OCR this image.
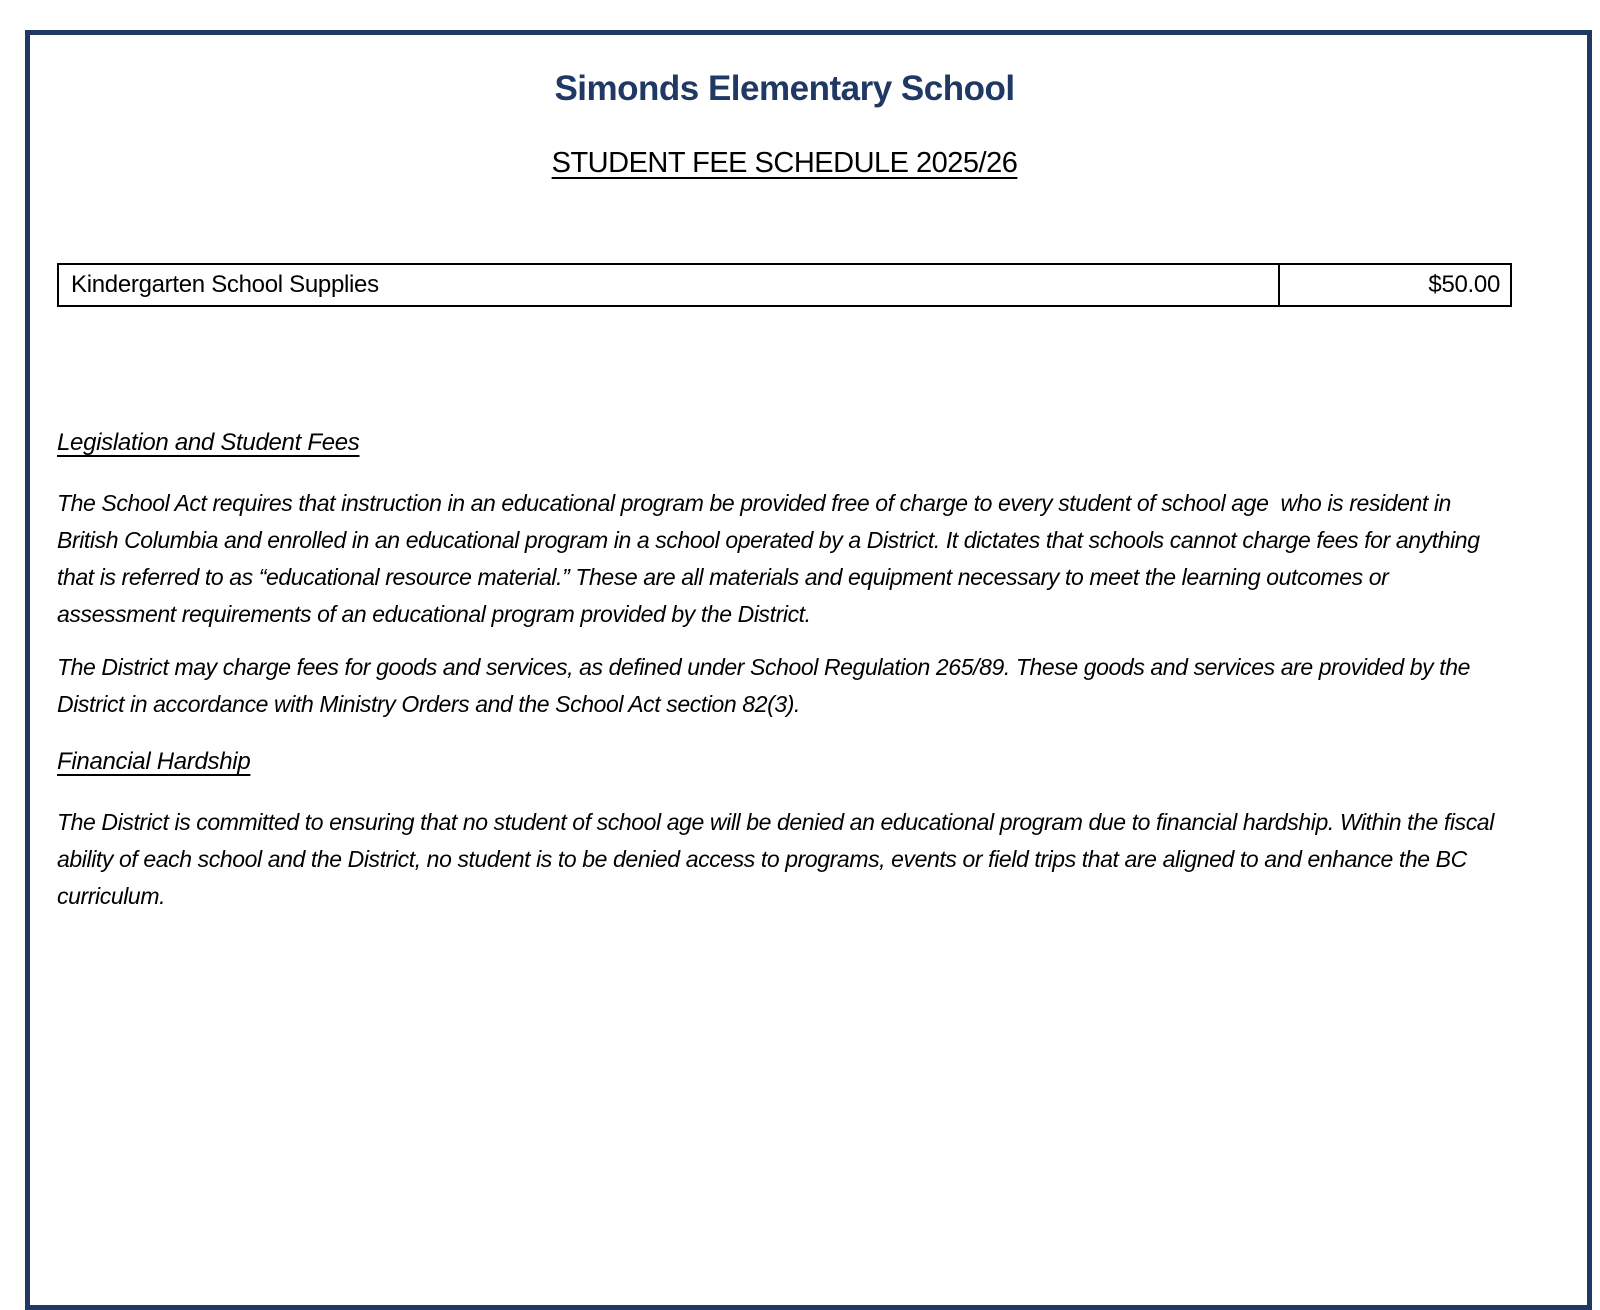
Simonds Elementary School
STUDENT FEE SCHEDULE 2025/26
Kindergarten School Supplies	$50.00
Legislation and Student Fees

The School Act requires that instruction in an educational program be provided free of charge to every student of school age  who is resident in British Columbia and enrolled in an educational program in a school operated by a District. It dictates that schools cannot charge fees for anything that is referred to as “educational resource material.” These are all materials and equipment necessary to meet the learning outcomes or assessment requirements of an educational program provided by the District.

The District may charge fees for goods and services, as defined under School Regulation 265/89. These goods and services are provided by the District in accordance with Ministry Orders and the School Act section 82(3).

Financial Hardship

The District is committed to ensuring that no student of school age will be denied an educational program due to financial hardship. Within the fiscal ability of each school and the District, no student is to be denied access to programs, events or field trips that are aligned to and enhance the BC curriculum.
